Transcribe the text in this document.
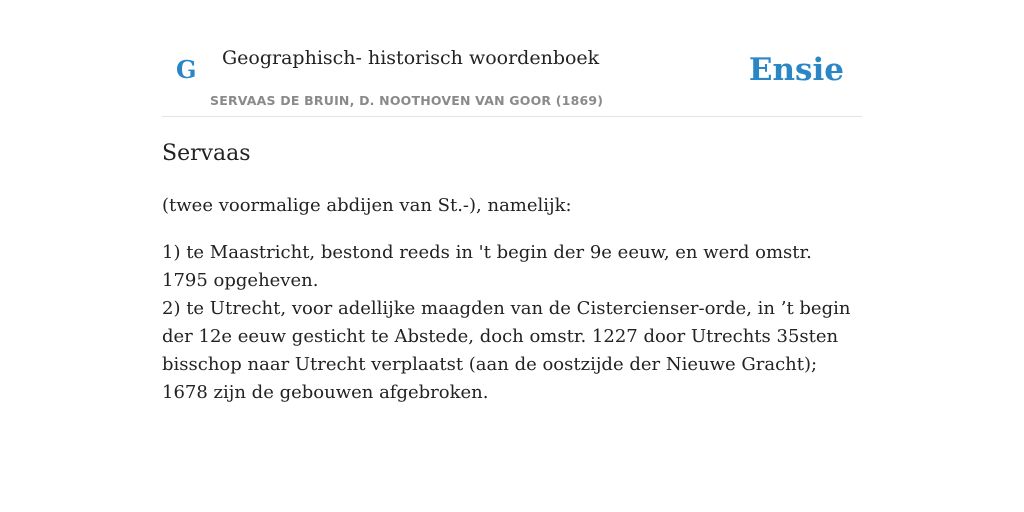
G Geographisch- historisch woordenboek
SERVAAS DE BRUIN, D. NOOTHOVEN VAN GOOR (1869)
Ensie
Servaas

(twee voormalige abdijen van St.-), namelijk:

1) te Maastricht, bestond reeds in 't begin der 9e eeuw, en werd omstr. 1795 opgeheven.

2) te Utrecht, voor adellijke maagden van de Cistercienser-orde, in ’t begin der 12e eeuw gesticht te Abstede, doch omstr. 1227 door Utrechts 35sten bisschop naar Utrecht verplaatst (aan de oostzijde der Nieuwe Gracht); 1678 zijn de gebouwen afgebroken.
